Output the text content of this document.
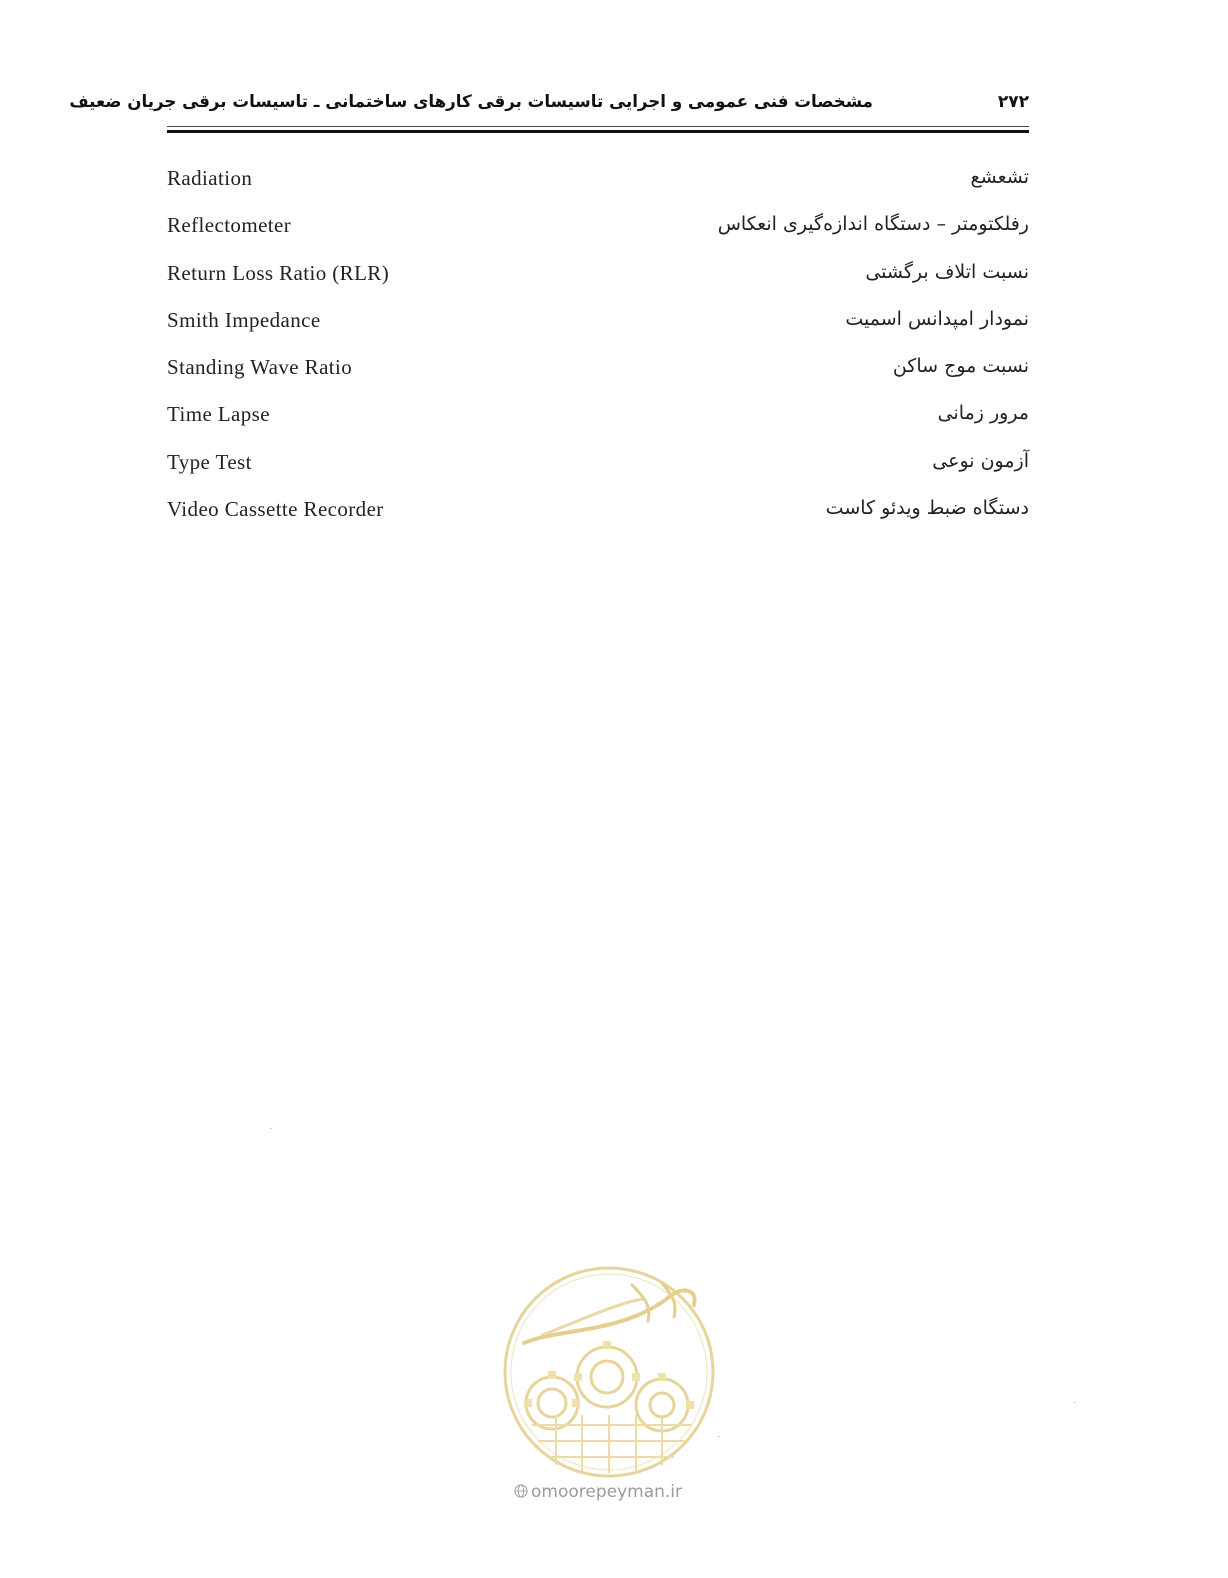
مشخصات فنی عمومی و اجرایی تاسیسات برقی کارهای ساختمانی ـ تاسیسات برقی جریان ضعیف	۲۷۲
Radiation	تشعشع
Reflectometer	رفلکتومتر – دستگاه اندازه‌گیری انعکاس
Return Loss Ratio (RLR)	نسبت اتلاف برگشتی
Smith Impedance	نمودار امپدانس اسمیت
Standing Wave Ratio	نسبت موج ساکن
Time Lapse	مرور زمانی
Type Test	آزمون نوعی
Video Cassette Recorder	دستگاه ضبط ویدئو کاست
omoorepeyman.ir
